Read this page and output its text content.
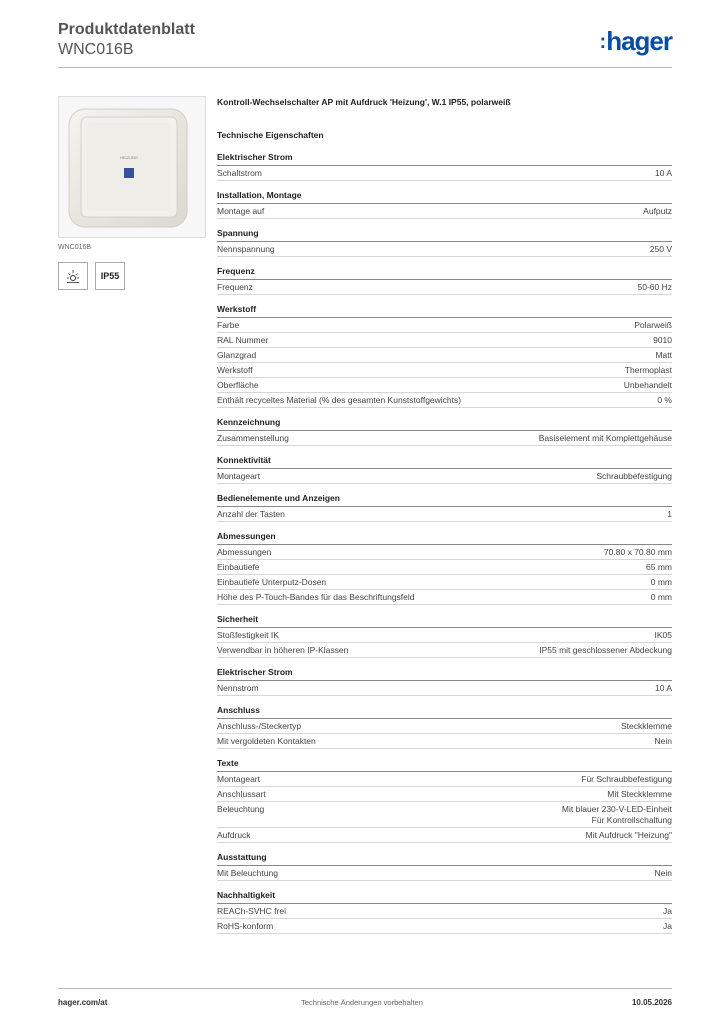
Produktdatenblatt
WNC016B	:hager
HEIZUNG
WNC016B
IP55
Kontroll-Wechselschalter AP mit Aufdruck 'Heizung', W.1 IP55, polarweiß
Technische Eigenschaften
Elektrischer Strom
Schaltstrom	10 A
Installation, Montage
Montage auf	Aufputz
Spannung
Nennspannung	250 V
Frequenz
Frequenz	50-60 Hz
Werkstoff
Farbe	Polarweiß
RAL Nummer	9010
Glanzgrad	Matt
Werkstoff	Thermoplast
Oberfläche	Unbehandelt
Enthält recyceltes Material (% des gesamten Kunststoffgewichts)	0 %
Kennzeichnung
Zusammenstellung	Basiselement mit Komplettgehäuse
Konnektivität
Montageart	Schraubbefestigung
Bedienelemente und Anzeigen
Anzahl der Tasten	1
Abmessungen
Abmessungen	70.80 x 70.80 mm
Einbautiefe	65 mm
Einbautiefe Unterputz-Dosen	0 mm
Höhe des P-Touch-Bandes für das Beschriftungsfeld	0 mm
Sicherheit
Stoßfestigkeit IK	IK05
Verwendbar in höheren IP-Klassen	IP55 mit geschlossener Abdeckung
Elektrischer Strom
Nennstrom	10 A
Anschluss
Anschluss-/Steckertyp	Steckklemme
Mit vergoldeten Kontakten	Nein
Texte
Montageart	Für Schraubbefestigung
Anschlussart	Mit Steckklemme
Beleuchtung	Mit blauer 230-V-LED-Einheit
Für Kontrollschaltung
Aufdruck	Mit Aufdruck "Heizung"
Ausstattung
Mit Beleuchtung	Nein
Nachhaltigkeit
REACh-SVHC frei	Ja
RoHS-konform	Ja
hager.com/at	Technische Änderungen vorbehalten	10.05.2026
